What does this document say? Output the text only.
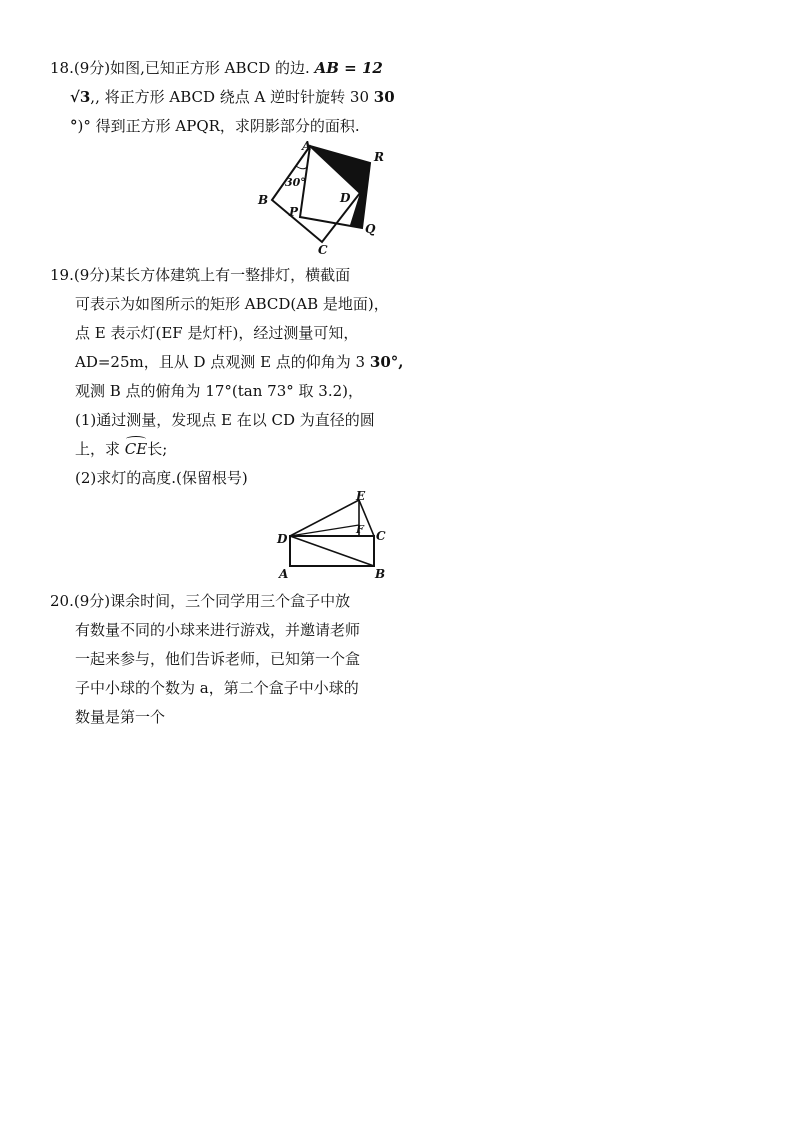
18.(9分)如图,已知正方形 ABCD 的边. AB = 12
√3,, 将正方形 ABCD 绕点 A 逆时针旋转 30 30
°)° 得到正方形 APQR，求阴影部分的面积.
A
R
30°
B	D
P
Q
C
19.(9分)某长方体建筑上有一整排灯，横截面
可表示为如图所示的矩形 ABCD(AB 是地面)，
点 E 表示灯(EF 是灯杆)，经过测量可知，
AD=25m，且从 D 点观测 E 点的仰角为 3 30°,
观测 B 点的俯角为 17°(tan 73° 取 3.2)，
(1)通过测量，发现点 E 在以 CD 为直径的圆
上，求 CE长;
(2)求灯的高度.(保留根号)
E
F
D	C
A	B
20.(9分)课余时间，三个同学用三个盒子中放
有数量不同的小球来进行游戏，并邀请老师
一起来参与，他们告诉老师，已知第一个盒
子中小球的个数为 a，第二个盒子中小球的
数量是第一个
